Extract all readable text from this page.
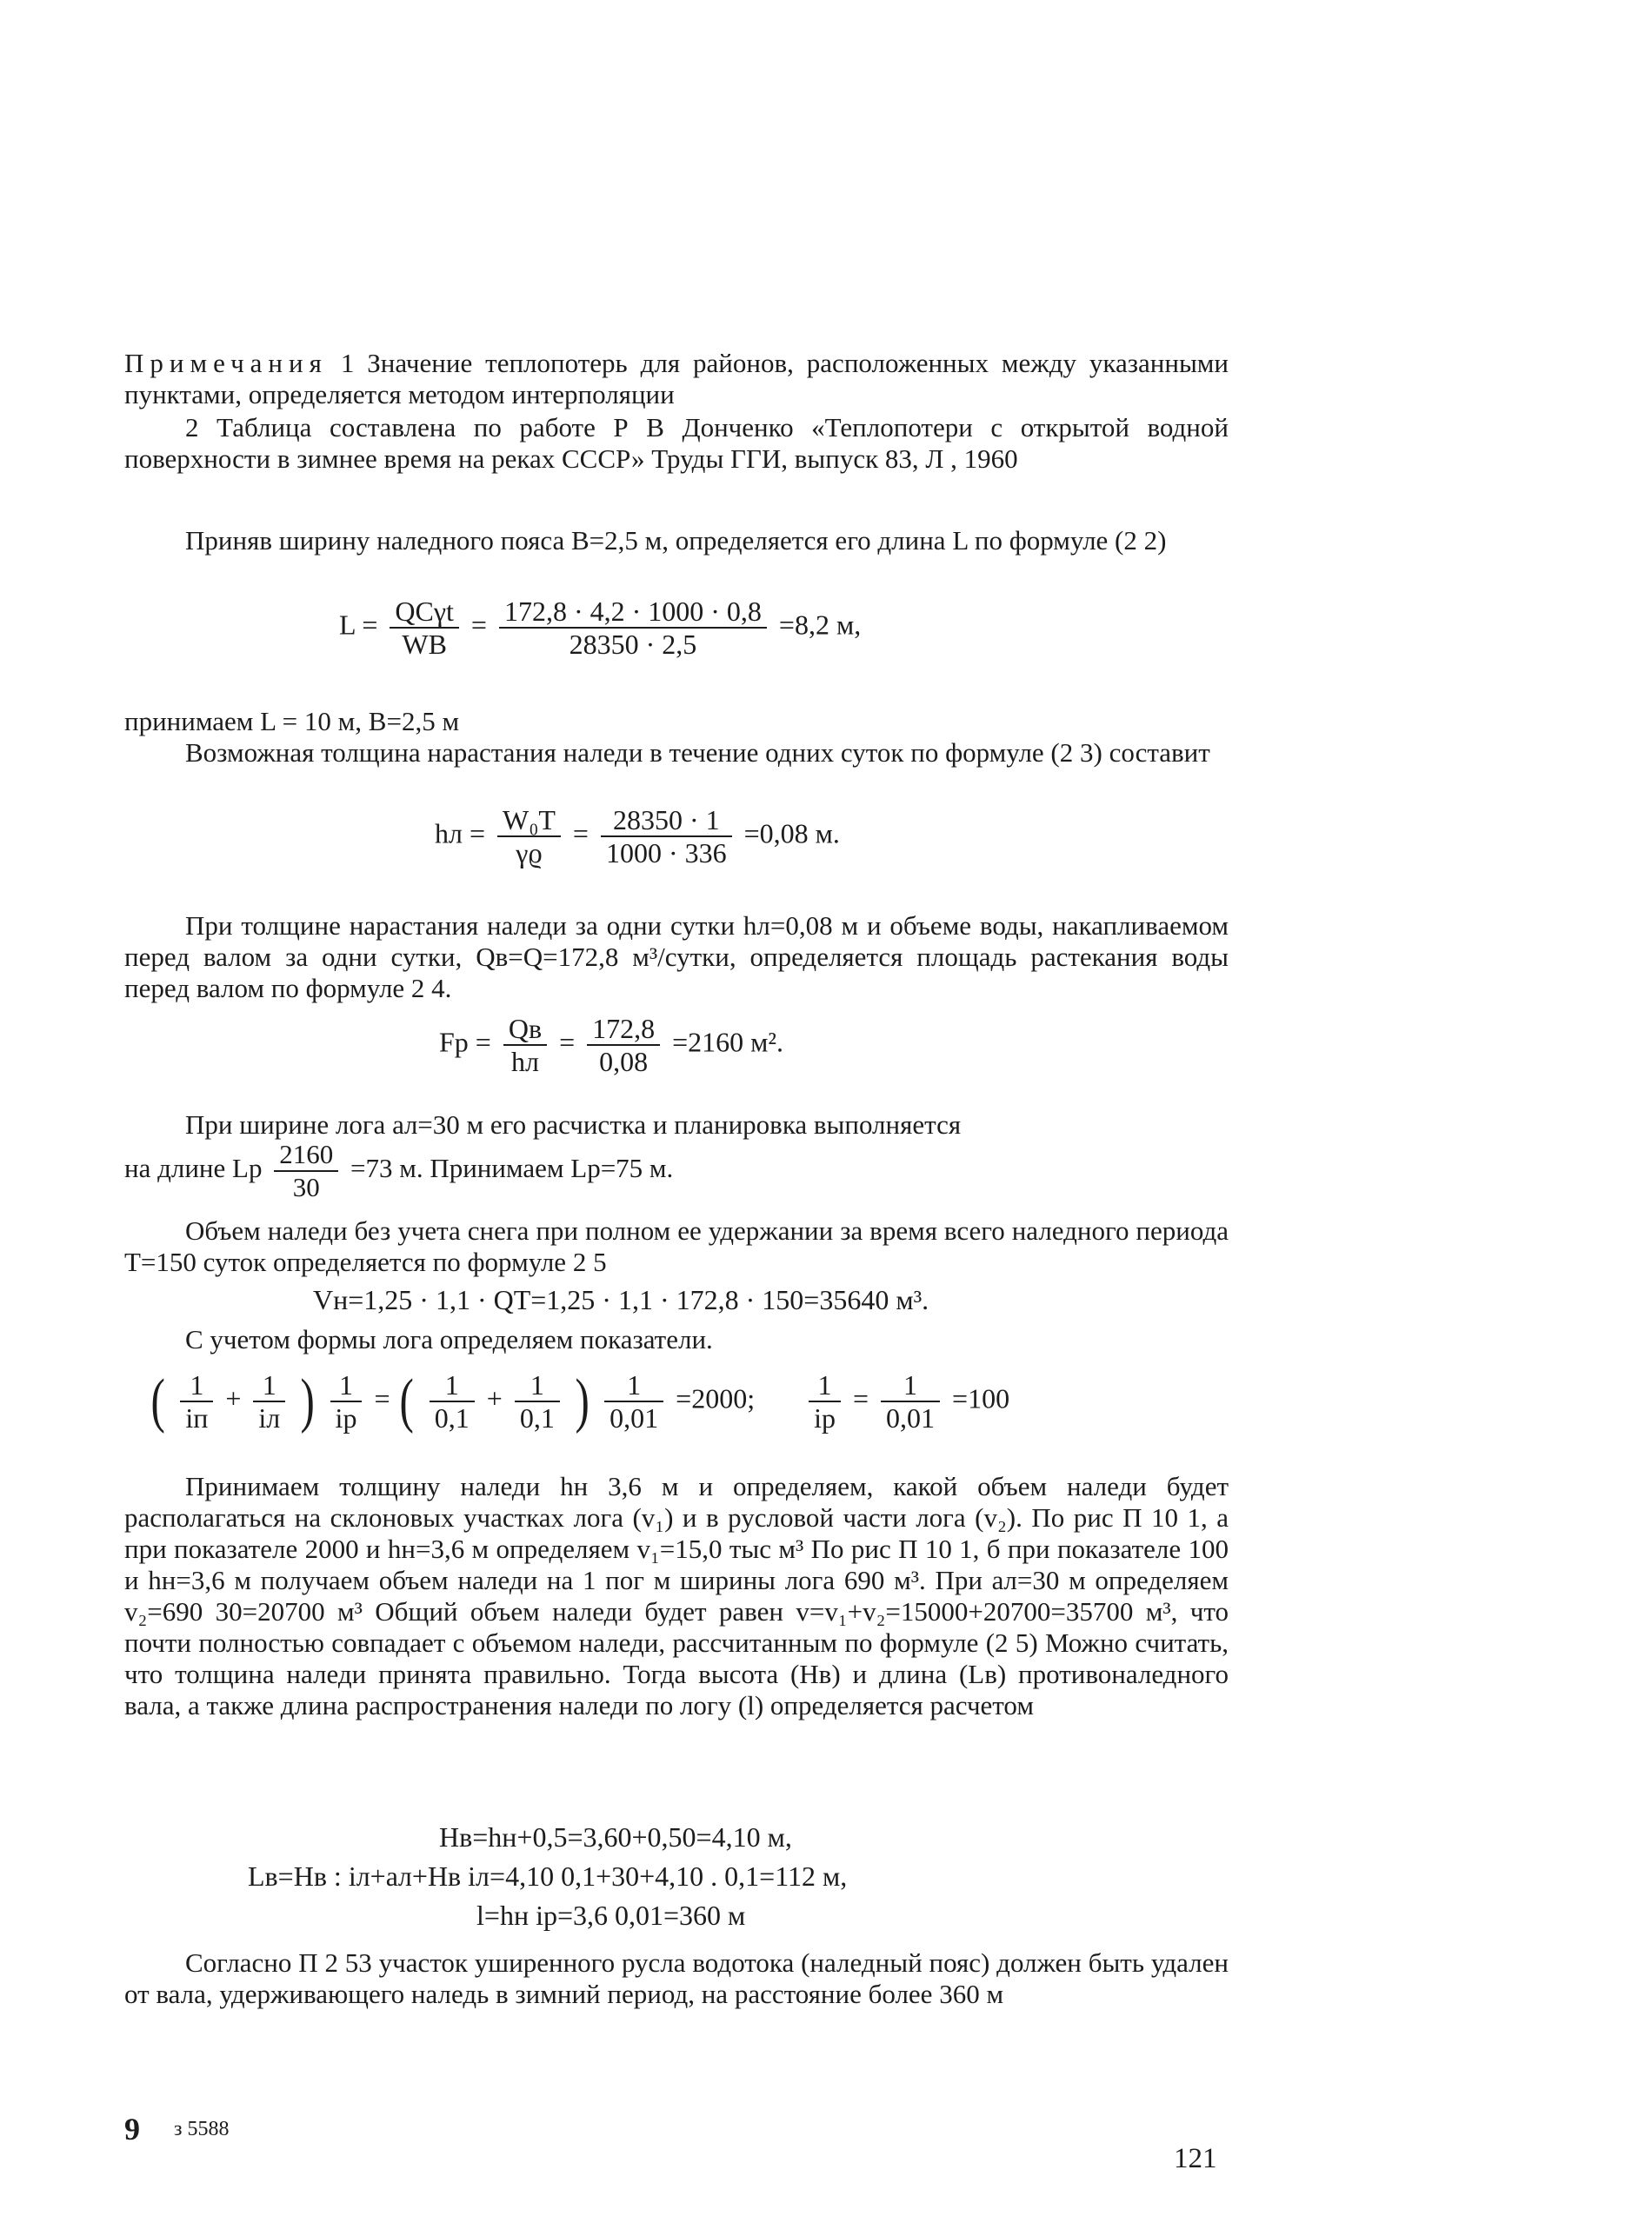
Примечания 1 Значение теплопотерь для районов, расположенных между указанными пунктами, определяется методом интерполяции
2 Таблица составлена по работе Р В Донченко «Теплопотери с открытой водной поверхности в зимнее время на реках СССР» Труды ГГИ, выпуск 83, Л , 1960
Приняв ширину наледного пояса B=2,5 м, определяется его длина L по формуле (2 2)
$L = \frac{\text{QCγt}}{WB} = \frac{172,8 \cdot 4,2 \cdot 1000 \cdot 0,8}{28350 \cdot 2,5} =8,2$ м,
принимаем L = 10 м, B=2,5 м
Возможная толщина нарастания наледи в течение одних суток по формуле (2 3) составит
hл = $\frac{\text{W₀T}}{\gamma ϱ} = \frac{28350 \cdot 1}{1000 \cdot 336} =0,08$ м.
При толщине нарастания наледи за одни сутки hл=0,08 м и объеме воды, накапливаемом перед валом за одни сутки, Qв=Q=172,8 м³/сутки, определяется площадь растекания воды перед валом по формуле 2 4.
$Fp = \frac{Qв}{hл} = \frac{172,8}{0,08} =2160$ м².
При ширине лога aл=30 м его расчистка и планировка выполняется
на длине Lp $\frac{2160}{30} =73$ м. Принимаем Lp=75 м.
Объем наледи без учета снега при полном ее удержании за время всего наледного периода T=150 суток определяется по формуле 2 5
Vн=1,25 · 1,1 · QT=1,25 · 1,1 · 172,8 · 150=35640 м³.
С учетом формы лога определяем показатели.
( $\frac{1}{iп} + \frac{1}{iл}$ ) $\frac{1}{ip}$ = ( $\frac{1}{0,1} + \frac{1}{0,1}$ ) $\frac{1}{0,01} =2000$; $\frac{1}{ip} = \frac{1}{0,01} =100$
Принимаем толщину наледи hн 3,6 м и определяем, какой объем наледи будет располагаться на склоновых участках лога (v₁) и в русловой части лога (v₂). По рис П 10 1, а при показателе 2000 и hн=3,6 м определяем v₁=15,0 тыс м³ По рис П 10 1, б при показателе 100 и hн=3,6 м получаем объем наледи на 1 пог м ширины лога 690 м³. При aл=30 м определяем v₂=690 30=20700 м³ Общий объем наледи будет равен v=v₁+v₂=15000+20700=35700 м³, что почти полностью совпадает с объемом наледи, рассчитанным по формуле (2 5) Можно считать, что толщина наледи принята правильно. Тогда высота (Hв) и длина (Lв) противоналедного вала, а также длина распространения наледи по логу (l) определяется расчетом
Hв=hн+0,5=3,60+0,50=4,10 м,
Lв=Hв : iл+aл+Hв iл=4,10 0,1+30+4,10 . 0,1=112 м,
l=hн ip=3,6 0,01=360 м
Согласно П 2 53 участок уширенного русла водотока (наледный пояс) должен быть удален от вала, удерживающего наледь в зимний период, на расстояние более 360 м
9 з 5588
121
